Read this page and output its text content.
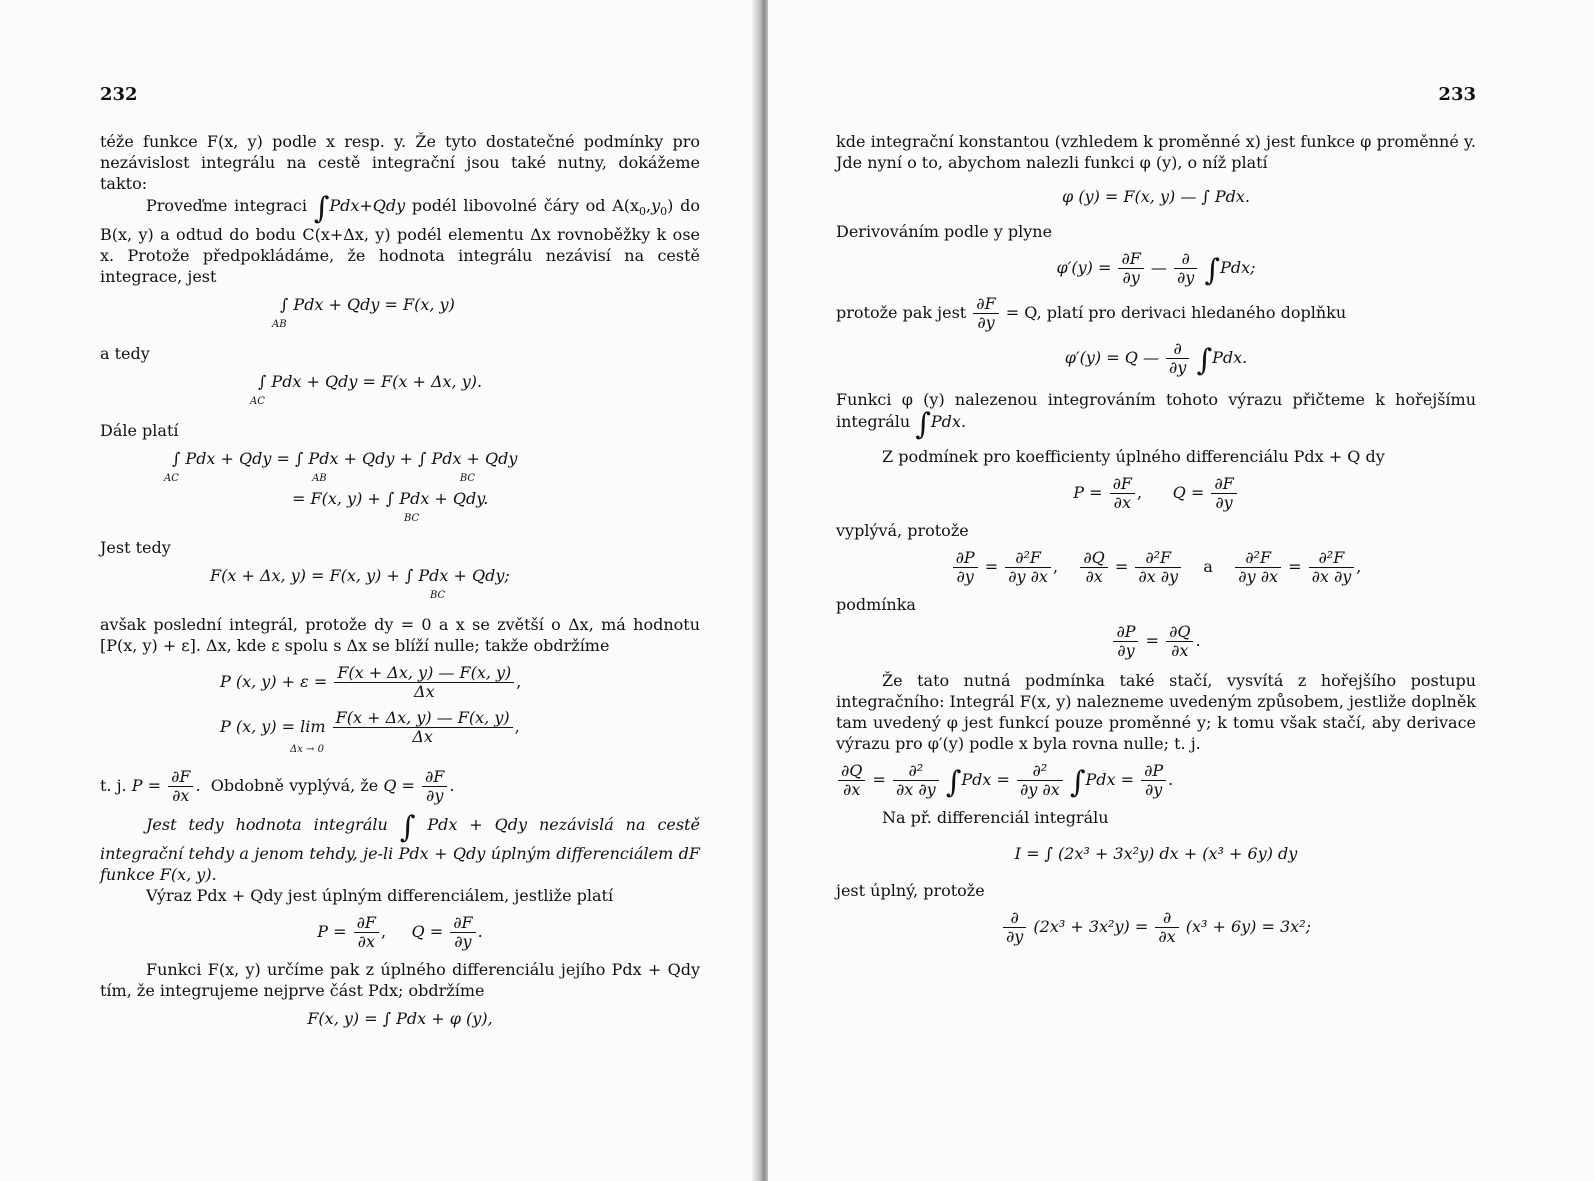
232

téže funkce F(x, y) podle x resp. y. Že tyto dostatečné podmínky pro nezávislost integrálu na cestě integrační jsou také nutny, dokážeme takto:

Proveďme integraci ∫Pdx+Qdy podél libovolné čáry od $A(x_0,y_0)$ do B(x, y) a odtud do bodu C(x+Δx, y) podél elementu Δx rovnoběžky k ose x. Protože předpokládáme, že hodnota integrálu nezávisí na cestě integrace, jest

∫ Pdx + Qdy = F(x, y)
AB

a tedy

∫ Pdx + Qdy = F(x + Δx, y).
AC

Dále platí

∫ Pdx + Qdy = ∫ Pdx + Qdy + ∫ Pdx + Qdy
AC	AB	BC
= F(x, y) + ∫ Pdx + Qdy.
BC

Jest tedy

F(x + Δx, y) = F(x, y) + ∫ Pdx + Qdy;
BC

avšak poslední integrál, protože dy = 0 a x se zvětší o Δx, má hodnotu [P(x, y) + ε]. Δx, kde ε spolu s Δx se blíží nulle; takže obdržíme

P (x, $y) + \varepsilon = \frac{F(x + \Delta x, y) — F(x, y)}{\Delta x}$ ,
P (x, $y) = \lim \frac{F(x + \Delta x, y) — F(x, y)}{\Delta x}$ ,
Δx → 0
t. j. $P = \frac{\partial F}{\partial x}$ .  Obdobně vyplývá, že $Q = \frac{\partial F}{\partial y}$ .

Jest tedy hodnota integrálu ∫ Pdx + Qdy nezávislá na cestě integrační tehdy a jenom tehdy, je-li Pdx + Qdy úplným differenciálem dF funkce F(x, y).

Výraz Pdx + Qdy jest úplným differenciálem, jestliže platí

$P = \frac{\partial F}{\partial x}$ ,     $Q = \frac{\partial F}{\partial y}$ .

Funkci F(x, y) určíme pak z úplného differenciálu jejího Pdx + Qdy tím, že integrujeme nejprve část Pdx; obdržíme

F(x, y) = ∫ Pdx + φ (y),
233

kde integrační konstantou (vzhledem k proměnné x) jest funkce φ proměnné y. Jde nyní o to, abychom nalezli funkci φ (y), o níž platí

φ (y) = F(x, y) — ∫ Pdx.

Derivováním podle y plyne

$\varphi'(y) = \frac{\partial F}{\partial y}$ — $\frac{\partial}{\partial y} \int Pdx$;
protože pak jest $\frac{\partial F}{\partial y} = Q$, platí pro derivaci hledaného doplňku
φ′(y) = Q — $\frac{\partial}{\partial y} \int Pdx$.

Funkci φ (y) nalezenou integrováním tohoto výrazu přičteme k hořejšímu integrálu ∫Pdx.

Z podmínek pro koefficienty úplného differenciálu Pdx + Q dy

$P = \frac{\partial F}{\partial x}$ ,      $Q = \frac{\partial F}{\partial y}$

vyplývá, protože

$\frac{\partial P}{\partial y} = \frac{\text{∂²F}}{\partial y \partial x}$ , $\frac{\partial Q}{\partial x} = \frac{\text{∂²F}}{\partial x \partial y}$ a $\frac{\text{∂²F}}{\partial y \partial x} = \frac{\text{∂²F}}{\partial x \partial y}$ ,

podmínka

$\frac{\partial P}{\partial y} = \frac{\partial Q}{\partial x}$ .

Že tato nutná podmínka také stačí, vysvítá z hořejšího postupu integračního: Integrál F(x, y) nalezneme uvedeným způsobem, jestliže doplněk tam uvedený φ jest funkcí pouze proměnné y; k tomu však stačí, aby derivace výrazu pro φ′(y) podle x byla rovna nulle; t. j.

$\frac{\partial Q}{\partial x} = \frac{\text{∂²}}{\partial x \partial y} \int Pdx = \frac{\text{∂²}}{\partial y \partial x} \int Pdx = \frac{\partial P}{\partial y}$ .

Na př. differenciál integrálu

I = ∫ (2x³ + 3x²y) dx + (x³ + 6y) dy

jest úplný, protože

$\frac{\partial}{\partial y} (2x^3 + 3x^2y) = \frac{\partial}{\partial x} (x^3 + 6y) = 3x^2$;
